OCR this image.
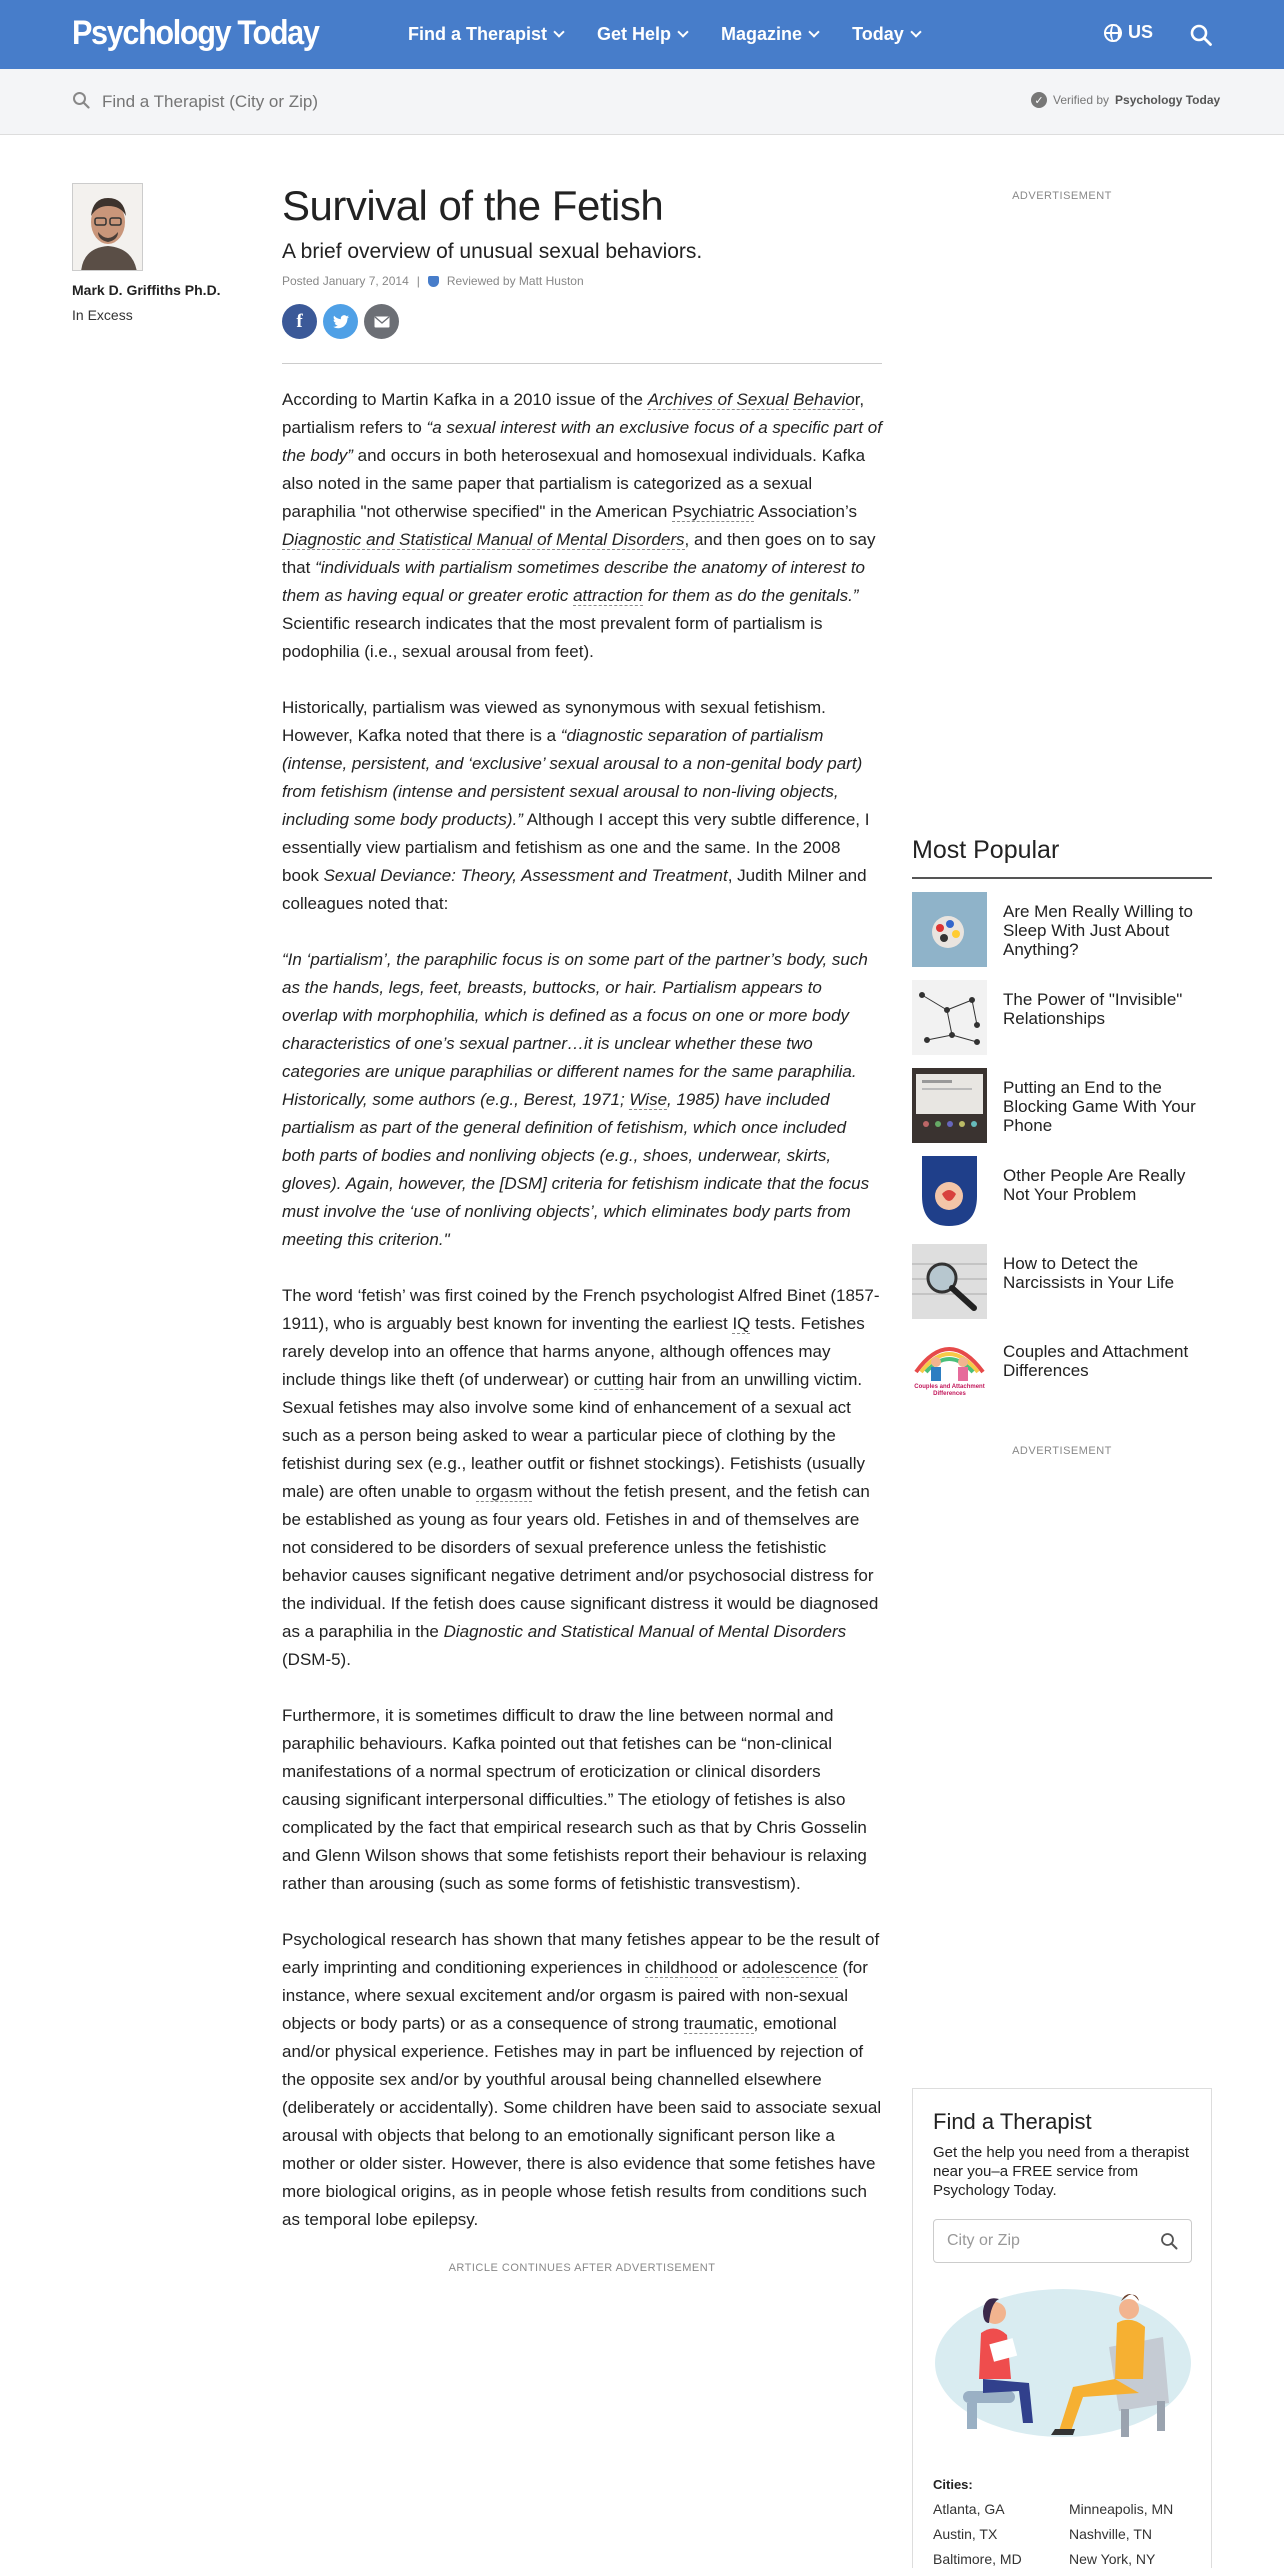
Psychology Today	Find a Therapist	Get Help	Magazine	Today	US
Find a Therapist (City or Zip)
✓ Verified by Psychology Today
Mark D. Griffiths Ph.D.
In Excess
Survival of the Fetish
A brief overview of unusual sexual behaviors.
Posted January 7, 2014 | Reviewed by Matt Huston
f

According to Martin Kafka in a 2010 issue of the Archives of Sexual Behavior, partialism refers to “a sexual interest with an exclusive focus of a specific part of the body” and occurs in both heterosexual and homosexual individuals. Kafka also noted in the same paper that partialism is categorized as a sexual paraphilia "not otherwise specified" in the American Psychiatric Association’s Diagnostic and Statistical Manual of Mental Disorders, and then goes on to say that “individuals with partialism sometimes describe the anatomy of interest to them as having equal or greater erotic attraction for them as do the genitals.” Scientific research indicates that the most prevalent form of partialism is podophilia (i.e., sexual arousal from feet).

Historically, partialism was viewed as synonymous with sexual fetishism. However, Kafka noted that there is a “diagnostic separation of partialism (intense, persistent, and ‘exclusive’ sexual arousal to a non-genital body part) from fetishism (intense and persistent sexual arousal to non-living objects, including some body products).” Although I accept this very subtle difference, I essentially view partialism and fetishism as one and the same. In the 2008 book Sexual Deviance: Theory, Assessment and Treatment, Judith Milner and colleagues noted that:

“In ‘partialism’, the paraphilic focus is on some part of the partner’s body, such as the hands, legs, feet, breasts, buttocks, or hair. Partialism appears to overlap with morphophilia, which is defined as a focus on one or more body characteristics of one’s sexual partner…it is unclear whether these two categories are unique paraphilias or different names for the same paraphilia. Historically, some authors (e.g., Berest, 1971; Wise, 1985) have included partialism as part of the general definition of fetishism, which once included both parts of bodies and nonliving objects (e.g., shoes, underwear, skirts, gloves). Again, however, the [DSM] criteria for fetishism indicate that the focus must involve the ‘use of nonliving objects’, which eliminates body parts from meeting this criterion."

The word ‘fetish’ was first coined by the French psychologist Alfred Binet (1857-1911), who is arguably best known for inventing the earliest IQ tests. Fetishes rarely develop into an offence that harms anyone, although offences may include things like theft (of underwear) or cutting hair from an unwilling victim. Sexual fetishes may also involve some kind of enhancement of a sexual act such as a person being asked to wear a particular piece of clothing by the fetishist during sex (e.g., leather outfit or fishnet stockings). Fetishists (usually male) are often unable to orgasm without the fetish present, and the fetish can be established as young as four years old. Fetishes in and of themselves are not considered to be disorders of sexual preference unless the fetishistic behavior causes significant negative detriment and/or psychosocial distress for the individual. If the fetish does cause significant distress it would be diagnosed as a paraphilia in the Diagnostic and Statistical Manual of Mental Disorders (DSM-5).

Furthermore, it is sometimes difficult to draw the line between normal and paraphilic behaviours. Kafka pointed out that fetishes can be “non-clinical manifestations of a normal spectrum of eroticization or clinical disorders causing significant interpersonal difficulties.” The etiology of fetishes is also complicated by the fact that empirical research such as that by Chris Gosselin and Glenn Wilson shows that some fetishists report their behaviour is relaxing rather than arousing (such as some forms of fetishistic transvestism).

Psychological research has shown that many fetishes appear to be the result of early imprinting and conditioning experiences in childhood or adolescence (for instance, where sexual excitement and/or orgasm is paired with non-sexual objects or body parts) or as a consequence of strong traumatic, emotional and/or physical experience. Fetishes may in part be influenced by rejection of the opposite sex and/or by youthful arousal being channelled elsewhere (deliberately or accidentally). Some children have been said to associate sexual arousal with objects that belong to an emotionally significant person like a mother or older sister. However, there is also evidence that some fetishes have more biological origins, as in people whose fetish results from conditions such as temporal lobe epilepsy.

ARTICLE CONTINUES AFTER ADVERTISEMENT
ADVERTISEMENT
Most Popular
Are Men Really Willing to Sleep With Just About Anything?
The Power of "Invisible" Relationships
Putting an End to the Blocking Game With Your Phone
Other People Are Really Not Your Problem
How to Detect the Narcissists in Your Life
Couples and Attachment Differences
Couples and Attachment Differences
ADVERTISEMENT
Find a Therapist
Get the help you need from a therapist near you–a FREE service from Psychology Today.
City or Zip
Cities:
Atlanta, GA	Minneapolis, MN
Austin, TX	Nashville, TN
Baltimore, MD	New York, NY
